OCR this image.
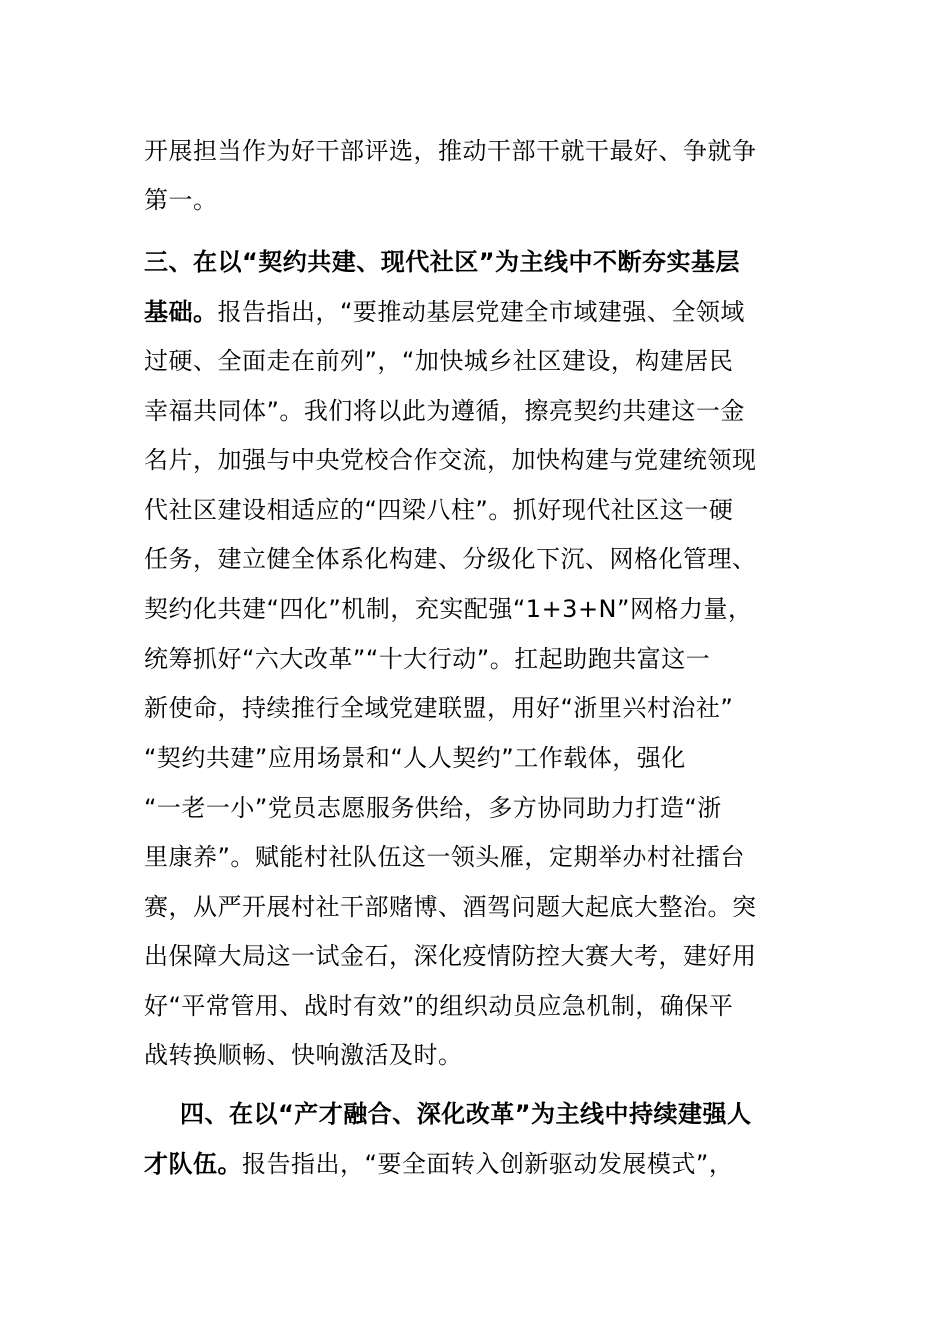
开展担当作为好干部评选，推动干部干就干最好、争就争
第一。
三、在以“契约共建、现代社区”为主线中不断夯实基层
基础。报告指出，“要推动基层党建全市域建强、全领域
过硬、全面走在前列”，“加快城乡社区建设，构建居民
幸福共同体”。我们将以此为遵循，擦亮契约共建这一金
名片，加强与中央党校合作交流，加快构建与党建统领现
代社区建设相适应的“四梁八柱”。抓好现代社区这一硬
任务，建立健全体系化构建、分级化下沉、网格化管理、
契约化共建“四化”机制，充实配强“1+3+N”网格力量，
统筹抓好“六大改革”“十大行动”。扛起助跑共富这一
新使命，持续推行全域党建联盟，用好“浙里兴村治社”
“契约共建”应用场景和“人人契约”工作载体，强化
“一老一小”党员志愿服务供给，多方协同助力打造“浙
里康养”。赋能村社队伍这一领头雁，定期举办村社擂台
赛，从严开展村社干部赌博、酒驾问题大起底大整治。突
出保障大局这一试金石，深化疫情防控大赛大考，建好用
好“平常管用、战时有效”的组织动员应急机制，确保平
战转换顺畅、快响激活及时。
四、在以“产才融合、深化改革”为主线中持续建强人
才队伍。报告指出，“要全面转入创新驱动发展模式”，
